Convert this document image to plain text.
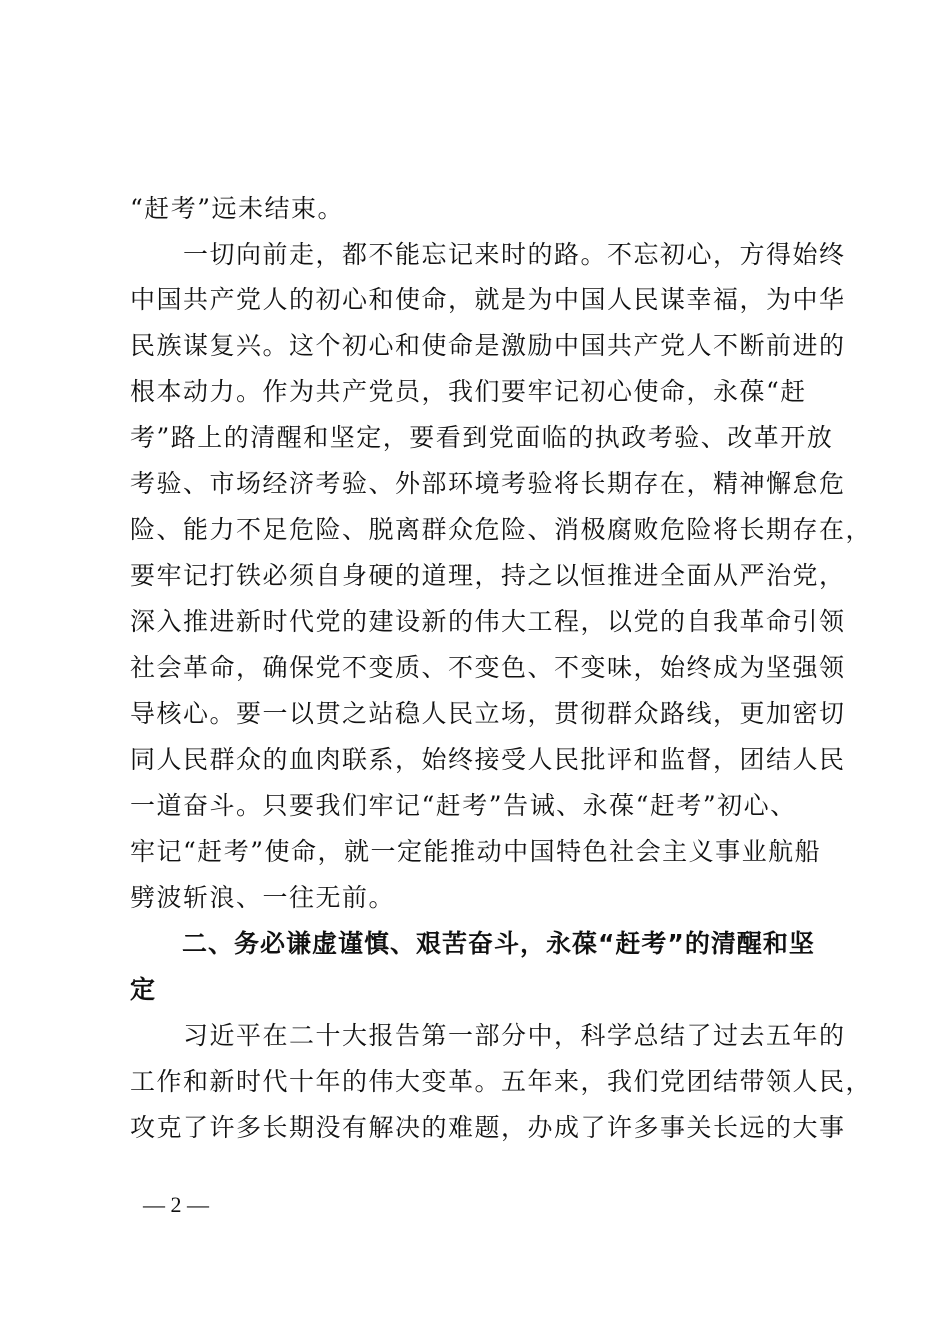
“赶考”远未结束。
　　一切向前走，都不能忘记来时的路。不忘初心，方得始终
中国共产党人的初心和使命，就是为中国人民谋幸福，为中华
民族谋复兴。这个初心和使命是激励中国共产党人不断前进的
根本动力。作为共产党员，我们要牢记初心使命，永葆“赶
考”路上的清醒和坚定，要看到党面临的执政考验、改革开放
考验、市场经济考验、外部环境考验将长期存在，精神懈怠危
险、能力不足危险、脱离群众危险、消极腐败危险将长期存在，
要牢记打铁必须自身硬的道理，持之以恒推进全面从严治党，
深入推进新时代党的建设新的伟大工程，以党的自我革命引领
社会革命，确保党不变质、不变色、不变味，始终成为坚强领
导核心。要一以贯之站稳人民立场，贯彻群众路线，更加密切
同人民群众的血肉联系，始终接受人民批评和监督，团结人民
一道奋斗。只要我们牢记“赶考”告诫、永葆“赶考”初心、
牢记“赶考”使命，就一定能推动中国特色社会主义事业航船
劈波斩浪、一往无前。
　　二、务必谦虚谨慎、艰苦奋斗，永葆“赶考”的清醒和坚
定
　　习近平在二十大报告第一部分中，科学总结了过去五年的
工作和新时代十年的伟大变革。五年来，我们党团结带领人民，
攻克了许多长期没有解决的难题，办成了许多事关长远的大事
— 2 —
